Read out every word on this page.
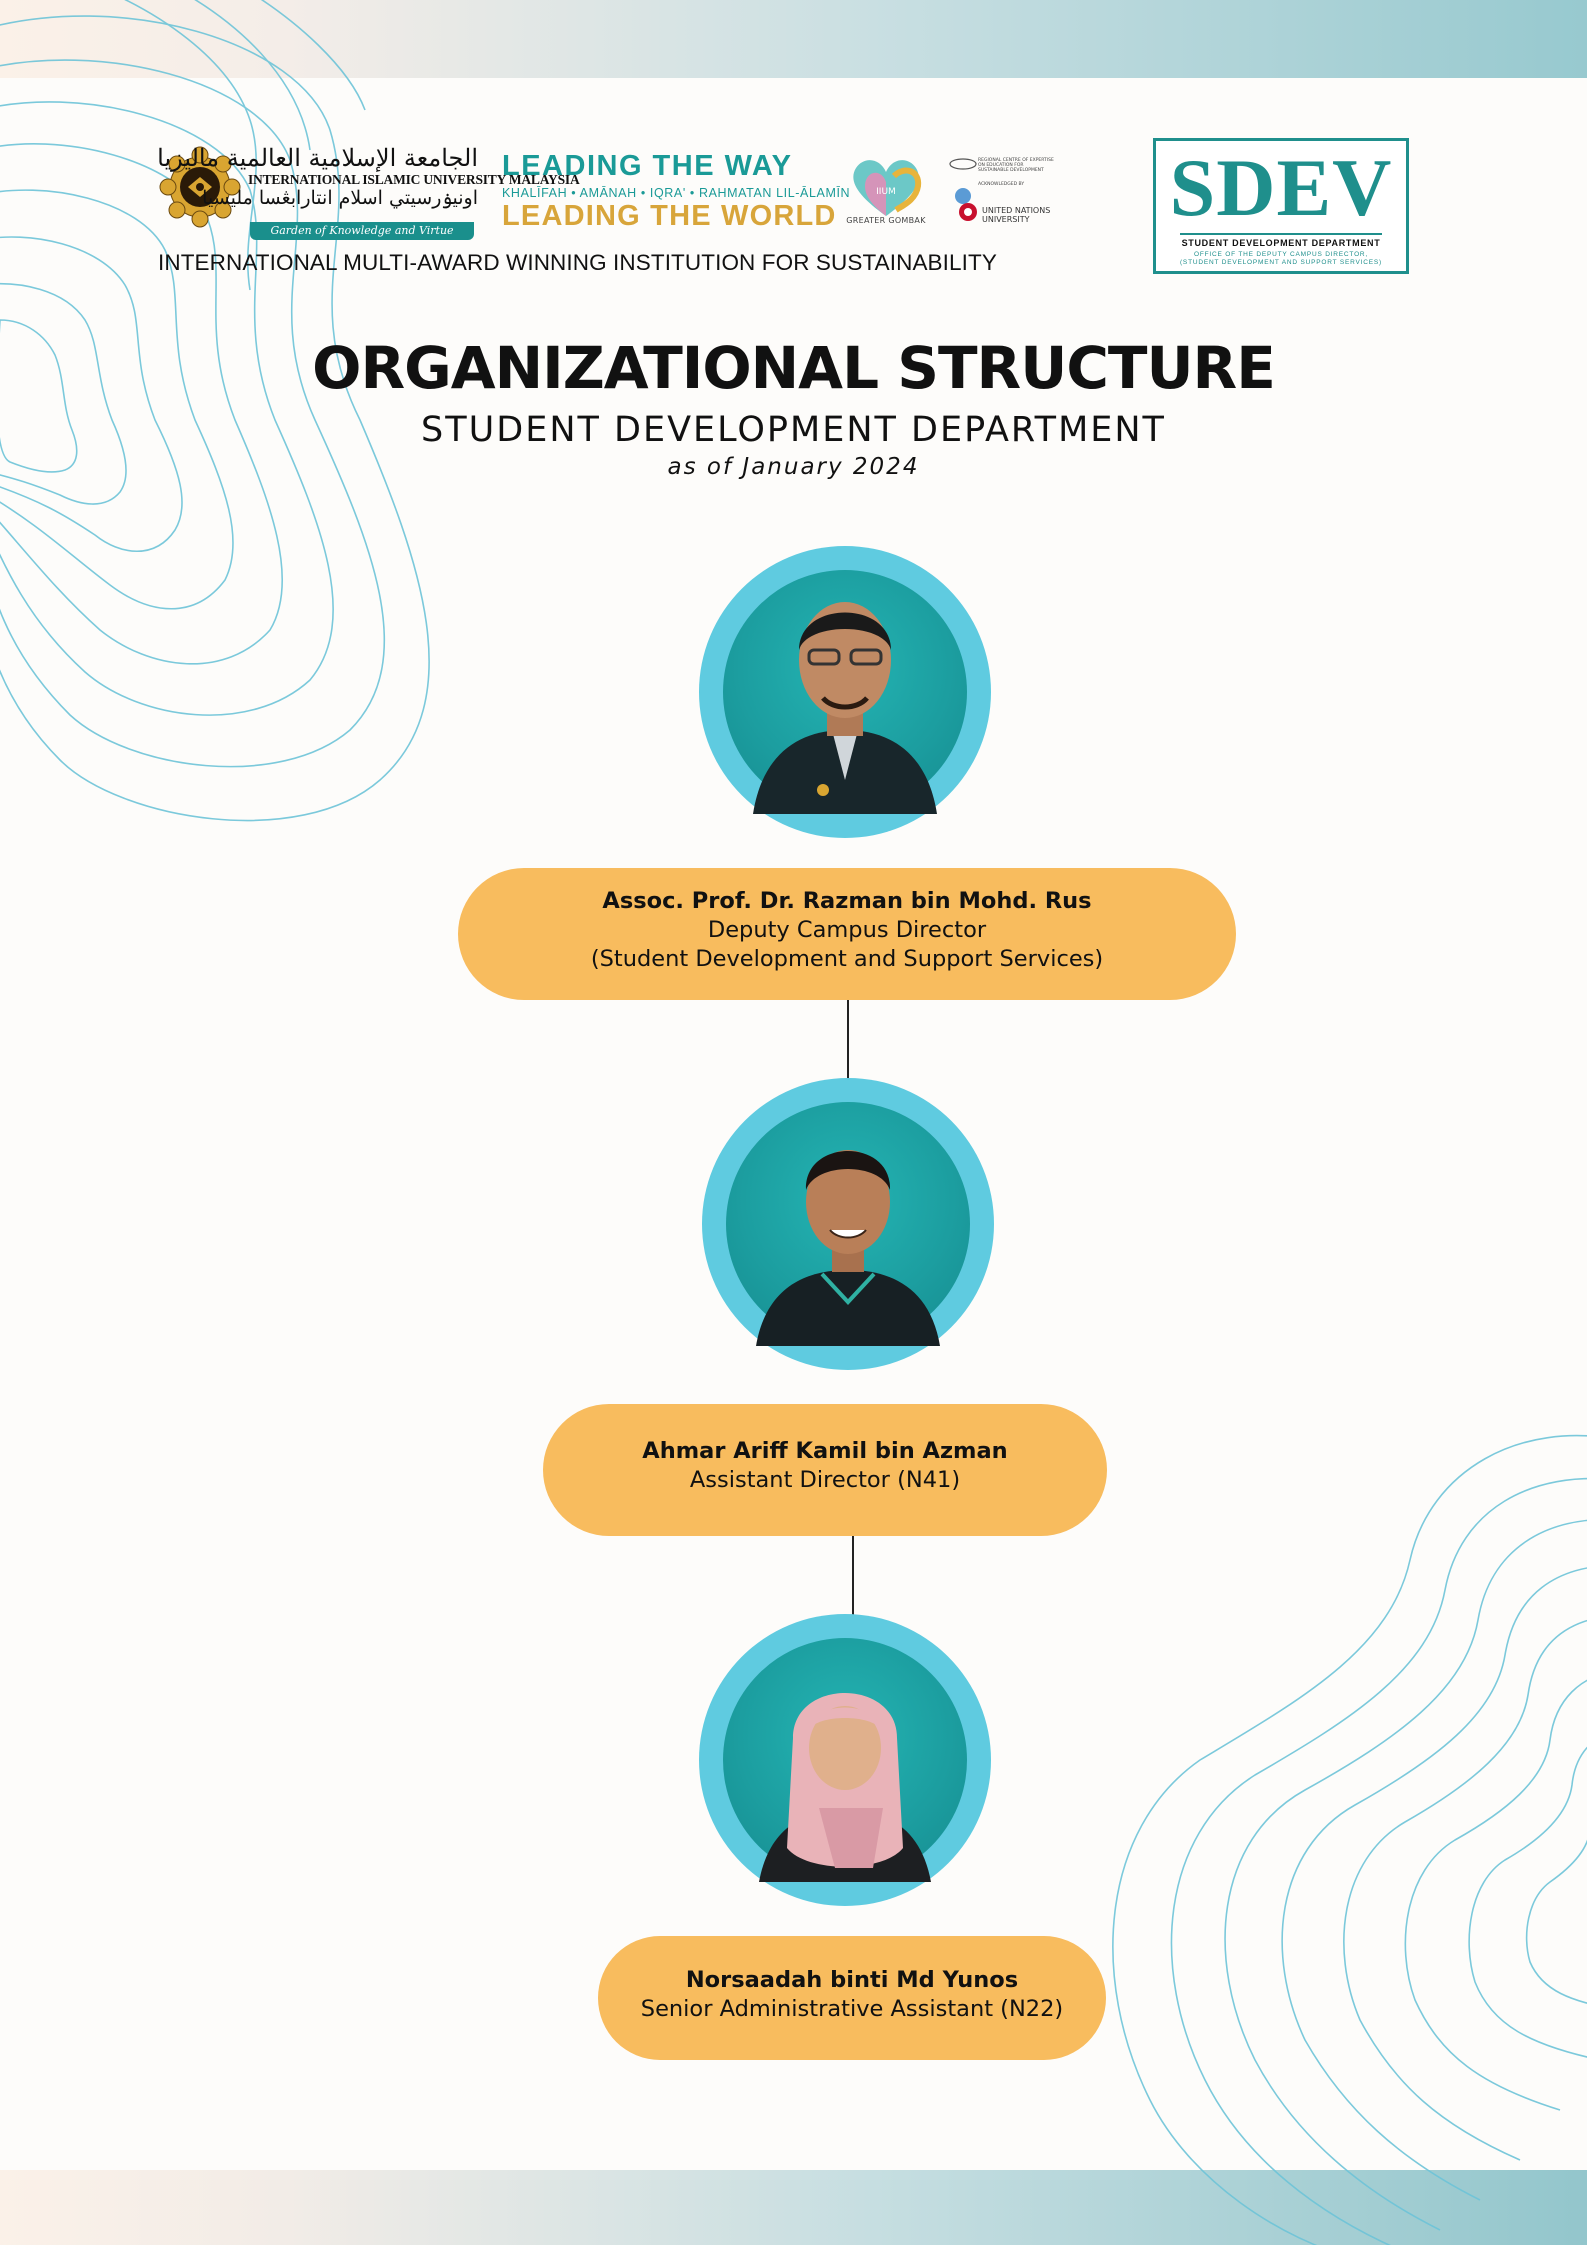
الجامعة الإسلامية العالمية ماليزيا
INTERNATIONAL ISLAMIC UNIVERSITY MALAYSIA
اونيۏرسيتي اسلام انتارابڠسا مليسيا
Garden of Knowledge and Virtue
LEADING THE WAY
KHALĪFAH • AMĀNAH • IQRA' • RAHMATAN LIL-ĀLAMĪN
LEADING THE WORLD
IIUM
GREATER GOMBAK
REGIONAL CENTRE OF EXPERTISE
ON EDUCATION FOR
SUSTAINABLE DEVELOPMENT
ACKNOWLEDGED BY
UNITED NATIONS
UNIVERSITY
INTERNATIONAL MULTI-AWARD WINNING INSTITUTION FOR SUSTAINABILITY
SDEV
STUDENT DEVELOPMENT DEPARTMENT
OFFICE OF THE DEPUTY CAMPUS DIRECTOR,
(STUDENT DEVELOPMENT AND SUPPORT SERVICES)
ORGANIZATIONAL STRUCTURE
STUDENT DEVELOPMENT DEPARTMENT
as of January 2024
Assoc. Prof. Dr. Razman bin Mohd. Rus
Deputy Campus Director
(Student Development and Support Services)
Ahmar Ariff Kamil bin Azman
Assistant Director (N41)
Norsaadah binti Md Yunos
Senior Administrative Assistant (N22)
